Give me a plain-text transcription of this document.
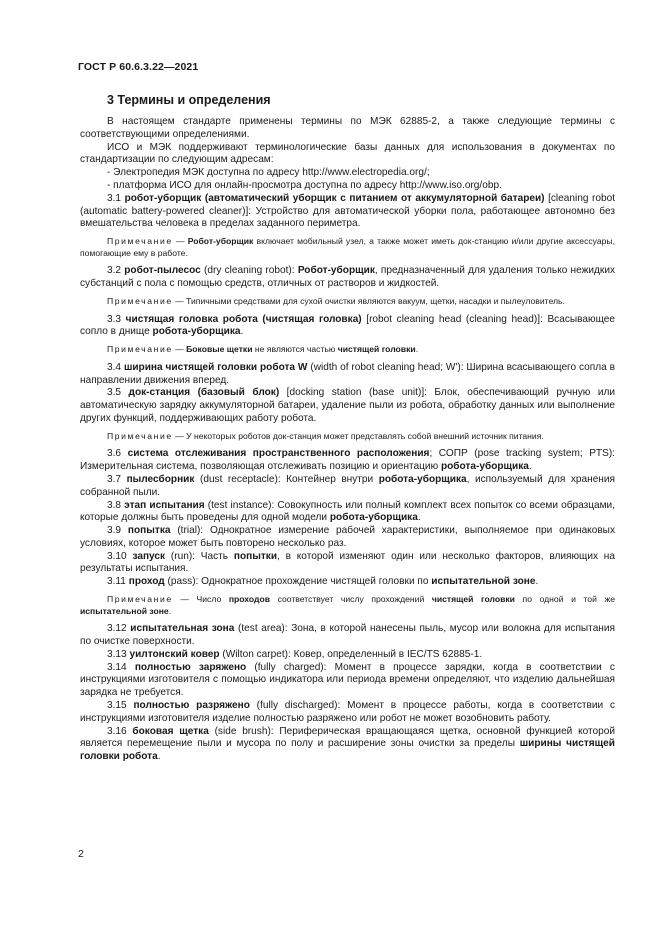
ГОСТ Р 60.6.3.22—2021
3 Термины и определения

В настоящем стандарте применены термины по МЭК 62885-2, а также следующие термины с соответствующими определениями.

ИСО и МЭК поддерживают терминологические базы данных для использования в документах по стандартизации по следующим адресам:

- Электропедия МЭК доступна по адресу http://www.electropedia.org/;

- платформа ИСО для онлайн-просмотра доступна по адресу http://www.iso.org/obp.

3.1 робот-уборщик (автоматический уборщик с питанием от аккумуляторной батареи) [cleaning robot (automatic battery-powered cleaner)]: Устройство для автоматической уборки пола, работающее автономно без вмешательства человека в пределах заданного периметра.

Примечание — Робот-уборщик включает мобильный узел, а также может иметь док-станцию и/или другие аксессуары, помогающие ему в работе.

3.2 робот-пылесос (dry cleaning robot): Робот-уборщик, предназначенный для удаления только нежидких субстанций с пола с помощью средств, отличных от растворов и жидкостей.

Примечание — Типичными средствами для сухой очистки являются вакуум, щетки, насадки и пылеуловитель.

3.3 чистящая головка робота (чистящая головка) [robot cleaning head (cleaning head)]: Всасывающее сопло в днище робота-уборщика.

Примечание — Боковые щетки не являются частью чистящей головки.

3.4 ширина чистящей головки робота W (width of robot cleaning head; W'): Ширина всасывающего сопла в направлении движения вперед.

3.5 док-станция (базовый блок) [docking station (base unit)]: Блок, обеспечивающий ручную или автоматическую зарядку аккумуляторной батареи, удаление пыли из робота, обработку данных или выполнение других функций, поддерживающих работу робота.

Примечание — У некоторых роботов док-станция может представлять собой внешний источник питания.

3.6 система отслеживания пространственного расположения; СОПР (pose tracking system; PTS): Измерительная система, позволяющая отслеживать позицию и ориентацию робота-уборщика.

3.7 пылесборник (dust receptacle): Контейнер внутри робота-уборщика, используемый для хранения собранной пыли.

3.8 этап испытания (test instance): Совокупность или полный комплект всех попыток со всеми образцами, которые должны быть проведены для одной модели робота-уборщика.

3.9 попытка (trial): Однократное измерение рабочей характеристики, выполняемое при одинаковых условиях, которое может быть повторено несколько раз.

3.10 запуск (run): Часть попытки, в которой изменяют один или несколько факторов, влияющих на результаты испытания.

3.11 проход (pass): Однократное прохождение чистящей головки по испытательной зоне.

Примечание — Число проходов соответствует числу прохождений чистящей головки по одной и той же испытательной зоне.

3.12 испытательная зона (test area): Зона, в которой нанесены пыль, мусор или волокна для испытания по очистке поверхности.

3.13 уилтонский ковер (Wilton carpet): Ковер, определенный в IEC/TS 62885-1.

3.14 полностью заряжено (fully charged): Момент в процессе зарядки, когда в соответствии с инструкциями изготовителя с помощью индикатора или периода времени определяют, что изделию дальнейшая зарядка не требуется.

3.15 полностью разряжено (fully discharged): Момент в процессе работы, когда в соответствии с инструкциями изготовителя изделие полностью разряжено или робот не может возобновить работу.

3.16 боковая щетка (side brush): Периферическая вращающаяся щетка, основной функцией которой является перемещение пыли и мусора по полу и расширение зоны очистки за пределы ширины чистящей головки робота.

2
